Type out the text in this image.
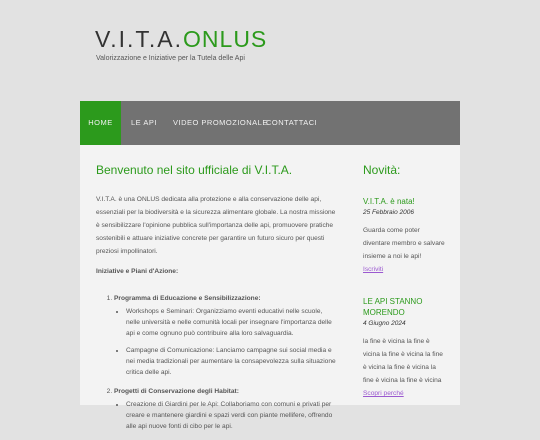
V.I.T.A.ONLUS
Valorizzazione e Iniziative per la Tutela delle Api
HOME	LE API VIDEO PROMOZIONALE
CONTATTACI
Benvenuto nel sito ufficiale di V.I.T.A.

V.I.T.A. è una ONLUS dedicata alla protezione e alla conservazione delle api, essenziali per la biodiversità e la sicurezza alimentare globale. La nostra missione è sensibilizzare l'opinione pubblica sull'importanza delle api, promuovere pratiche sostenibili e attuare iniziative concrete per garantire un futuro sicuro per questi preziosi impollinatori.

Iniziative e Piani d'Azione:

1. Programma di Educazione e Sensibilizzazione:
• Workshops e Seminari: Organizziamo eventi educativi nelle scuole, nelle università e nelle comunità locali per insegnare l'importanza delle api e come ognuno può contribuire alla loro salvaguardia.
• Campagne di Comunicazione: Lanciamo campagne sui social media e nei media tradizionali per aumentare la consapevolezza sulla situazione critica delle api.
2. Progetti di Conservazione degli Habitat:
• Creazione di Giardini per le Api: Collaboriamo con comuni e privati per creare e mantenere giardini e spazi verdi con piante mellifere, offrendo alle api nuove fonti di cibo per le api.
Novità:
V.I.T.A. è nata!
25 Febbraio 2006
Guarda come poter diventare membro e salvare insieme a noi le api!
Iscriviti
LE API STANNO MORENDO
4 Giugno 2024
la fine è vicina la fine è vicina la fine è vicina la fine è vicina la fine è vicina la fine è vicina la fine è vicina
Scopri perché
